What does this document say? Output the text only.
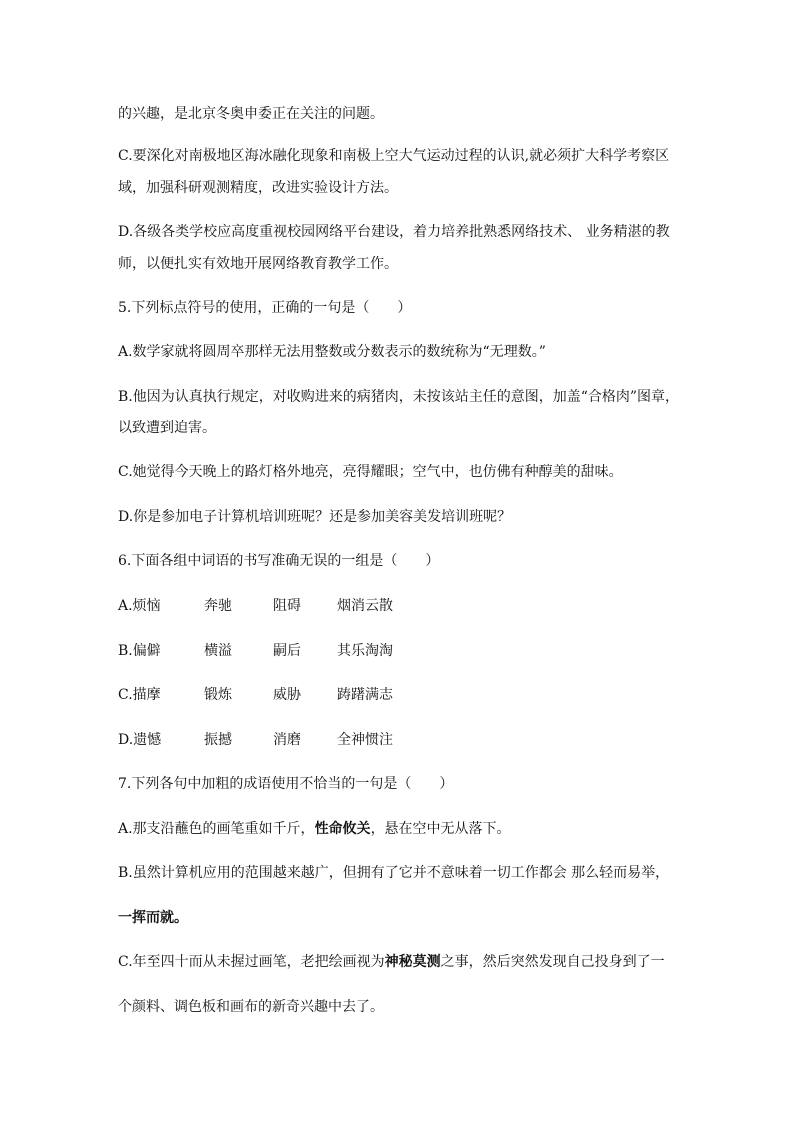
的兴趣，是北京冬奥申委正在关注的问题。
C.要深化对南极地区海冰融化现象和南极上空大气运动过程的认识,就必须扩大科学考察区
域，加强科研观测精度，改进实验设计方法。
D.各级各类学校应高度重视校园网络平台建设，着力培养批熟悉网络技术、 业务精湛的教
师，以便扎实有效地开展网络教育教学工作。
5.下列标点符号的使用，正确的一句是（　　）
A.数学家就将圆周卒那样无法用整数或分数表示的数统称为“无理数。”
B.他因为认真执行规定，对收购进来的病猪肉，未按该站主任的意图，加盖“合格肉”图章，
以致遭到迫害。
C.她觉得今天晚上的路灯格外地亮，亮得耀眼；空气中，也仿佛有种醇美的甜味。
D.你是参加电子计算机培训班呢？还是参加美容美发培训班呢？
6.下面各组中词语的书写准确无误的一组是（　　）
A.烦恼	奔驰	阻碍	烟消云散
B.偏僻	横溢	嗣后	其乐淘淘
C.描摩	锻炼	威胁	踌躇满志
D.遗憾	振撼	消磨	全神惯注
7.下列各句中加粗的成语使用不恰当的一句是（　　）
A.那支沿蘸色的画笔重如千斤，性命攸关，悬在空中无从落下。
B.虽然计算机应用的范围越来越广，但拥有了它并不意味着一切工作都会 那么轻而易举，
一挥而就。
C.年至四十而从未握过画笔，老把绘画视为神秘莫测之事，然后突然发现自己投身到了一
个颜料、调色板和画布的新奇兴趣中去了。
